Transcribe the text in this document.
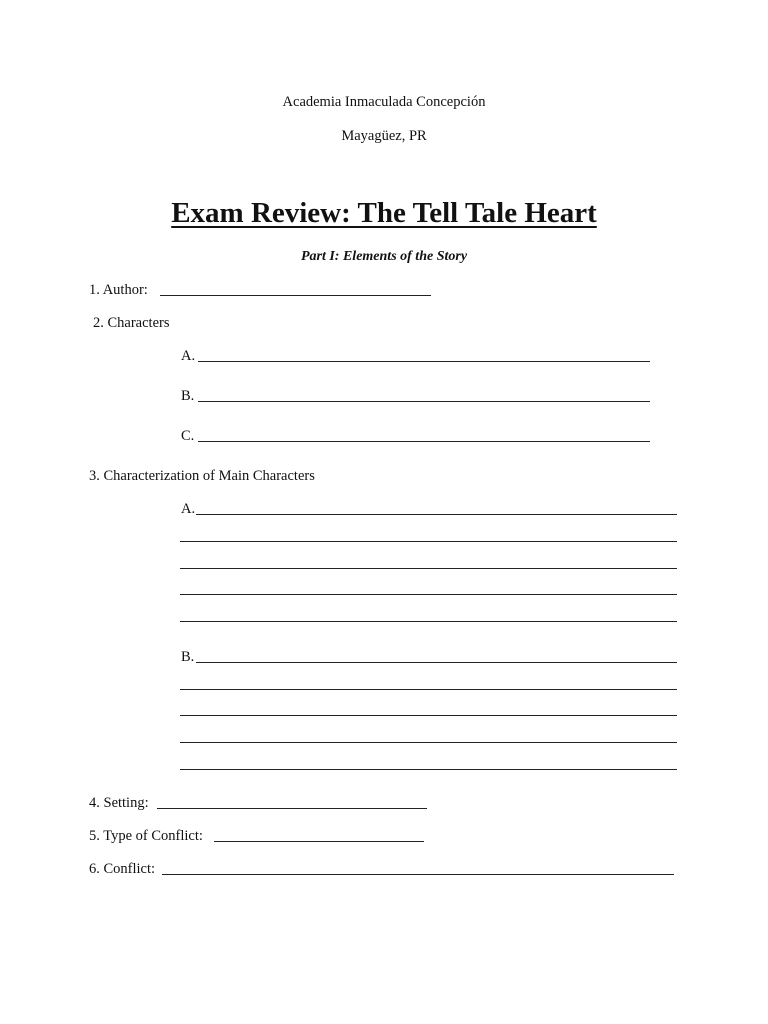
Academia Inmaculada Concepción
Mayagüez, PR
Exam Review: The Tell Tale Heart
Part I: Elements of the Story
1. Author:
2. Characters
A.
B.
C.
3. Characterization of Main Characters
A.
B.
4. Setting:
5. Type of Conflict:
6. Conflict:
